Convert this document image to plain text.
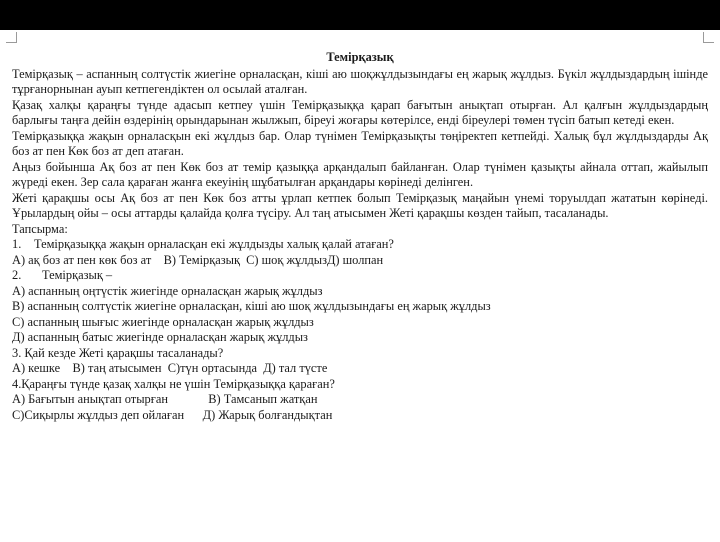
Темірқазық

Темірқазық – аспанның солтүстік жиегіне орналасқан, кіші аю шоқжұлдызындағы ең жарық жұлдыз. Бүкіл жұлдыздардың ішінде тұрғанорнынан ауып кетпегендіктен ол осылай аталған.

Қазақ халқы қараңғы түнде адасып кетпеу үшін Темірқазыққа қарап бағытын анықтап отырған. Ал қалғын жұлдыздардың барлығы таңға дейін өздерінің орындарынан жылжып, біреуі жоғары көтерілсе, енді біреулері төмен түсіп батып кетеді екен.

Темірқазыққа жақын орналасқын екі жұлдыз бар. Олар түнімен Темірқазықты төңіректеп кетпейді. Халық бұл жұлдыздарды Ақ боз ат пен Көк боз ат деп атаған.

Аңыз бойынша Ақ боз ат пен Көк боз ат темір қазыққа арқандалып байланған. Олар түнімен қазықты айнала оттап, жайылып жүреді екен. Зер сала қараған жанға екеуінің шұбатылған арқандары көрінеді делінген.

Жеті қарақшы осы Ақ боз ат пен Көк боз атты ұрлап кетпек болып Темірқазық маңайын үнемі торуылдап жататын көрінеді. Ұрылардың ойы – осы аттарды қалайда қолға түсіру. Ал таң атысымен Жеті қарақшы көзден тайып, тасаланады.

Тапсырма:

1. Темірқазыққа жақын орналасқан екі жұлдызды халық қалай атаған?

А) ақ боз ат пен көк боз ат    В) Темірқазық  С) шоқ жұлдызД) шолпан

2. Темірқазық –

А) аспанның оңтүстік жиегінде орналасқан жарық жұлдыз

В) аспанның солтүстік жиегіне орналасқан, кіші аю шоқ жұлдызындағы ең жарық жұлдыз

С) аспанның шығыс жиегінде орналасқан жарық жұлдыз

Д) аспанның батыс жиегінде орналасқан жарық жұлдыз

3. Қай кезде Жеті қарақшы тасаланады?

А) кешке    В) таң атысымен  С)түн ортасында  Д) тал түсте

4.Қараңғы түнде қазақ халқы не үшін Темірқазыққа қараған?

А) Бағытын анықтап отырған             В) Тамсанып жатқан

С)Сиқырлы жұлдыз деп ойлаған      Д) Жарық болғандықтан
